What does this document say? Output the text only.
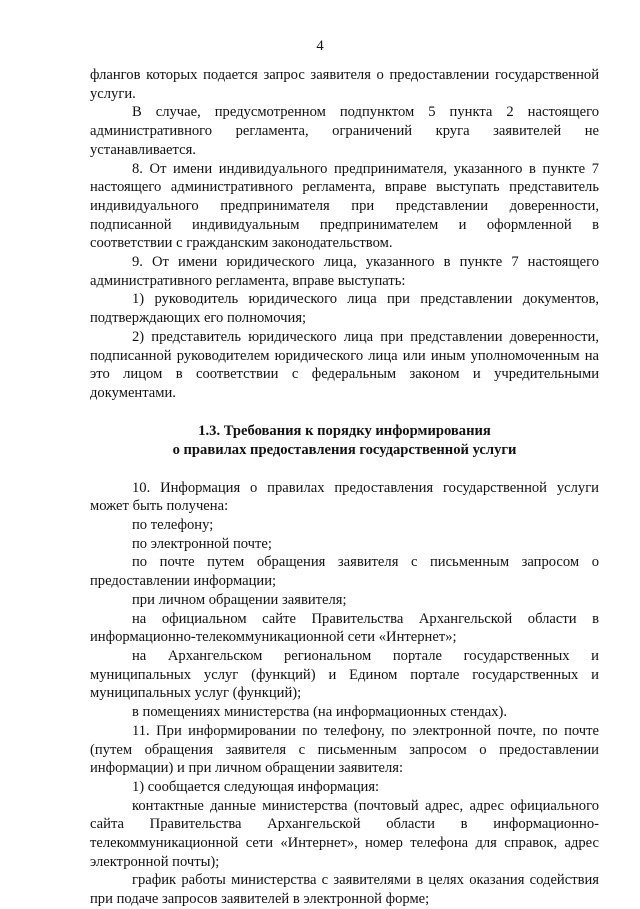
4

флангов которых подается запрос заявителя о предоставлении государственной услуги.

В случае, предусмотренном подпунктом 5 пункта 2 настоящего административного регламента, ограничений круга заявителей не устанавливается.

8. От имени индивидуального предпринимателя, указанного в пункте 7 настоящего административного регламента, вправе выступать представитель индивидуального предпринимателя при представлении доверенности, подписанной индивидуальным предпринимателем и оформленной в соответствии с гражданским законодательством.

9. От имени юридического лица, указанного в пункте 7 настоящего административного регламента, вправе выступать:

1) руководитель юридического лица при представлении документов, подтверждающих его полномочия;

2) представитель юридического лица при представлении доверенности, подписанной руководителем юридического лица или иным уполномоченным на это лицом в соответствии с федеральным законом и учредительными документами.

1.3. Требования к порядку информирования
о правилах предоставления государственной услуги

10. Информация о правилах предоставления государственной услуги может быть получена:

по телефону;

по электронной почте;

по почте путем обращения заявителя с письменным запросом о предоставлении информации;

при личном обращении заявителя;

на официальном сайте Правительства Архангельской области в информационно-телекоммуникационной сети «Интернет»;

на Архангельском региональном портале государственных и муниципальных услуг (функций) и Едином портале государственных и муниципальных услуг (функций);

в помещениях министерства (на информационных стендах).

11. При информировании по телефону, по электронной почте, по почте (путем обращения заявителя с письменным запросом о предоставлении информации) и при личном обращении заявителя:

1) сообщается следующая информация:

контактные данные министерства (почтовый адрес, адрес официального сайта Правительства Архангельской области в информационно-телекоммуникационной сети «Интернет», номер телефона для справок, адрес электронной почты);

график работы министерства с заявителями в целях оказания содействия при подаче запросов заявителей в электронной форме;
